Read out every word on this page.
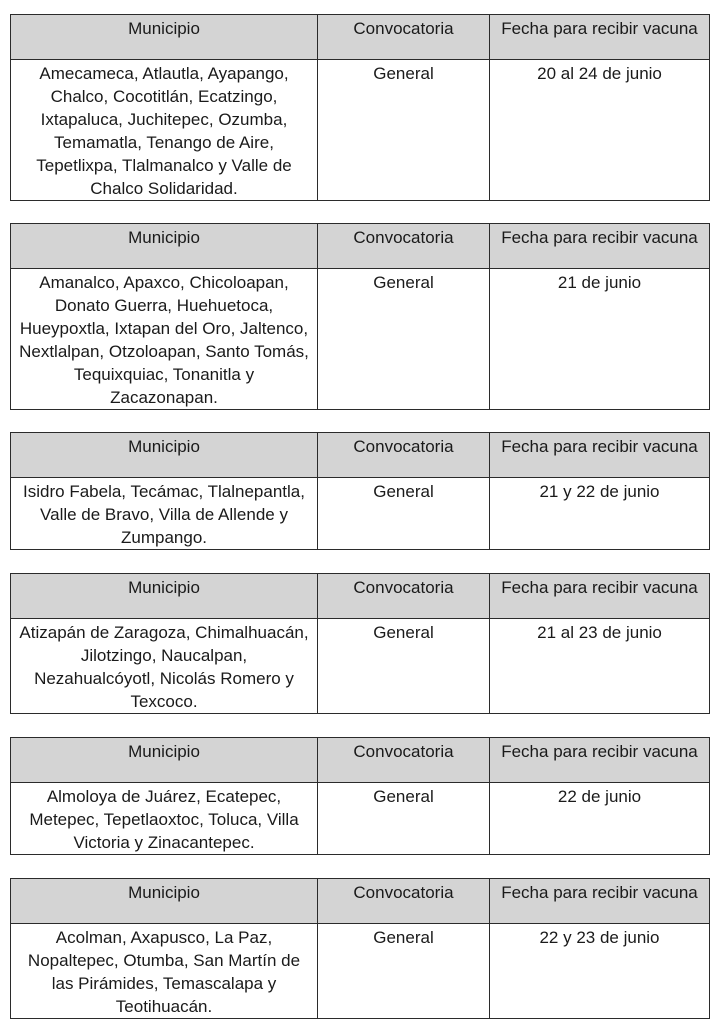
Municipio	Convocatoria	Fecha para recibir vacuna
Amecameca, Atlautla, Ayapango, Chalco, Cocotitlán, Ecatzingo, Ixtapaluca, Juchitepec, Ozumba, Temamatla, Tenango de Aire, Tepetlixpa, Tlalmanalco y Valle de Chalco Solidaridad.	General	20 al 24 de junio
Municipio	Convocatoria	Fecha para recibir vacuna
Amanalco, Apaxco, Chicoloapan, Donato Guerra, Huehuetoca, Hueypoxtla, Ixtapan del Oro, Jaltenco, Nextlalpan, Otzoloapan, Santo Tomás, Tequixquiac, Tonanitla y Zacazonapan.	General	21 de junio
Municipio	Convocatoria	Fecha para recibir vacuna
Isidro Fabela, Tecámac, Tlalnepantla, Valle de Bravo, Villa de Allende y Zumpango.	General	21 y 22 de junio
Municipio	Convocatoria	Fecha para recibir vacuna
Atizapán de Zaragoza, Chimalhuacán, Jilotzingo, Naucalpan, Nezahualcóyotl, Nicolás Romero y Texcoco.	General	21 al 23 de junio
Municipio	Convocatoria	Fecha para recibir vacuna
Almoloya de Juárez, Ecatepec, Metepec, Tepetlaoxtoc, Toluca, Villa Victoria y Zinacantepec.	General	22 de junio
Municipio	Convocatoria	Fecha para recibir vacuna
Acolman, Axapusco, La Paz, Nopaltepec, Otumba, San Martín de las Pirámides, Temascalapa y Teotihuacán.	General	22 y 23 de junio
